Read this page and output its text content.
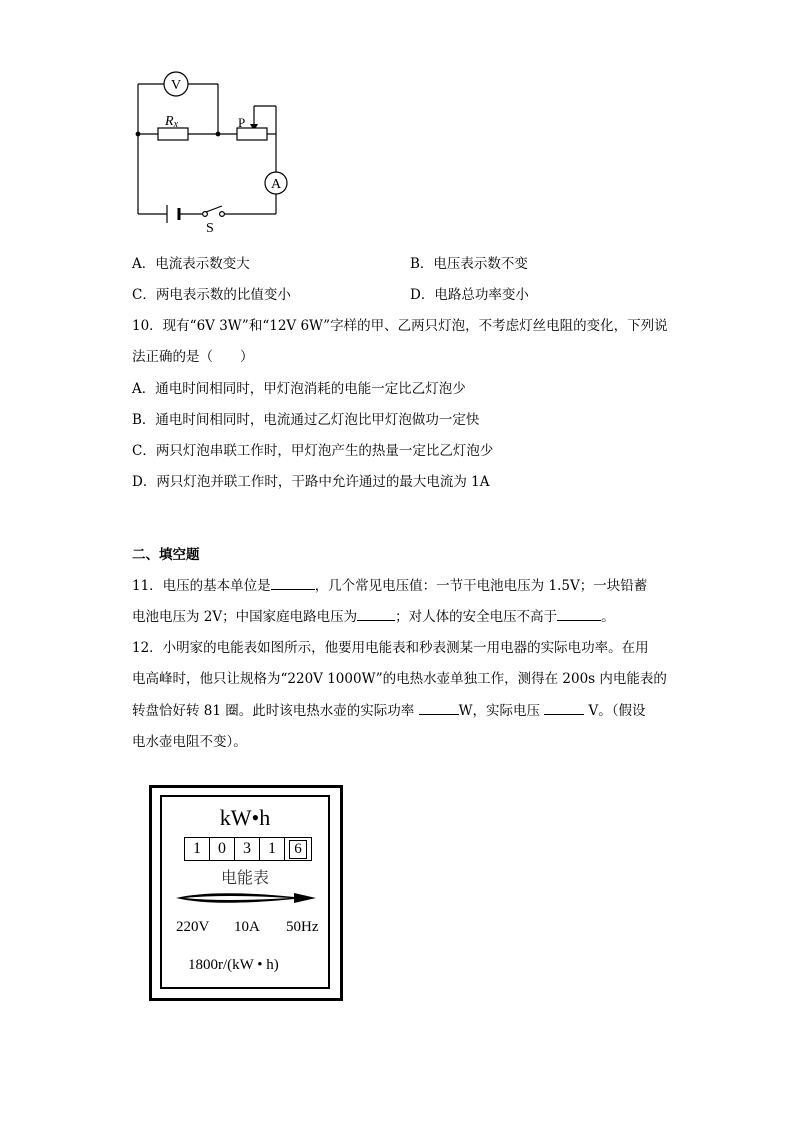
V
A
Rx	P
S
A．电流表示数变大	B．电压表示数不变
C．两电表示数的比值变小	D．电路总功率变小
10．现有“6V 3W”和“12V 6W”字样的甲、乙两只灯泡，不考虑灯丝电阻的变化，下列说
法正确的是（　　）
A．通电时间相同时，甲灯泡消耗的电能一定比乙灯泡少
B．通电时间相同时，电流通过乙灯泡比甲灯泡做功一定快
C．两只灯泡串联工作时，甲灯泡产生的热量一定比乙灯泡少
D．两只灯泡并联工作时，干路中允许通过的最大电流为 1A
二、填空题
11．电压的基本单位是	，几个常见电压值：一节干电池电压为 1.5V；一块铅蓄
电池电压为 2V；中国家庭电路电压为	；对人体的安全电压不高于	。
12．小明家的电能表如图所示，他要用电能表和秒表测某一用电器的实际电功率。在用
电高峰时，他只让规格为“220V 1000W”的电热水壶单独工作，测得在 200s 内电能表的
转盘恰好转 81 圈。此时该电热水壶的实际功率	W，实际电压	V。（假设
电水壶电阻不变）。
kW•h
1	0	3	1	6
电能表
220V 10A 50Hz
1800r/(kW • h)
